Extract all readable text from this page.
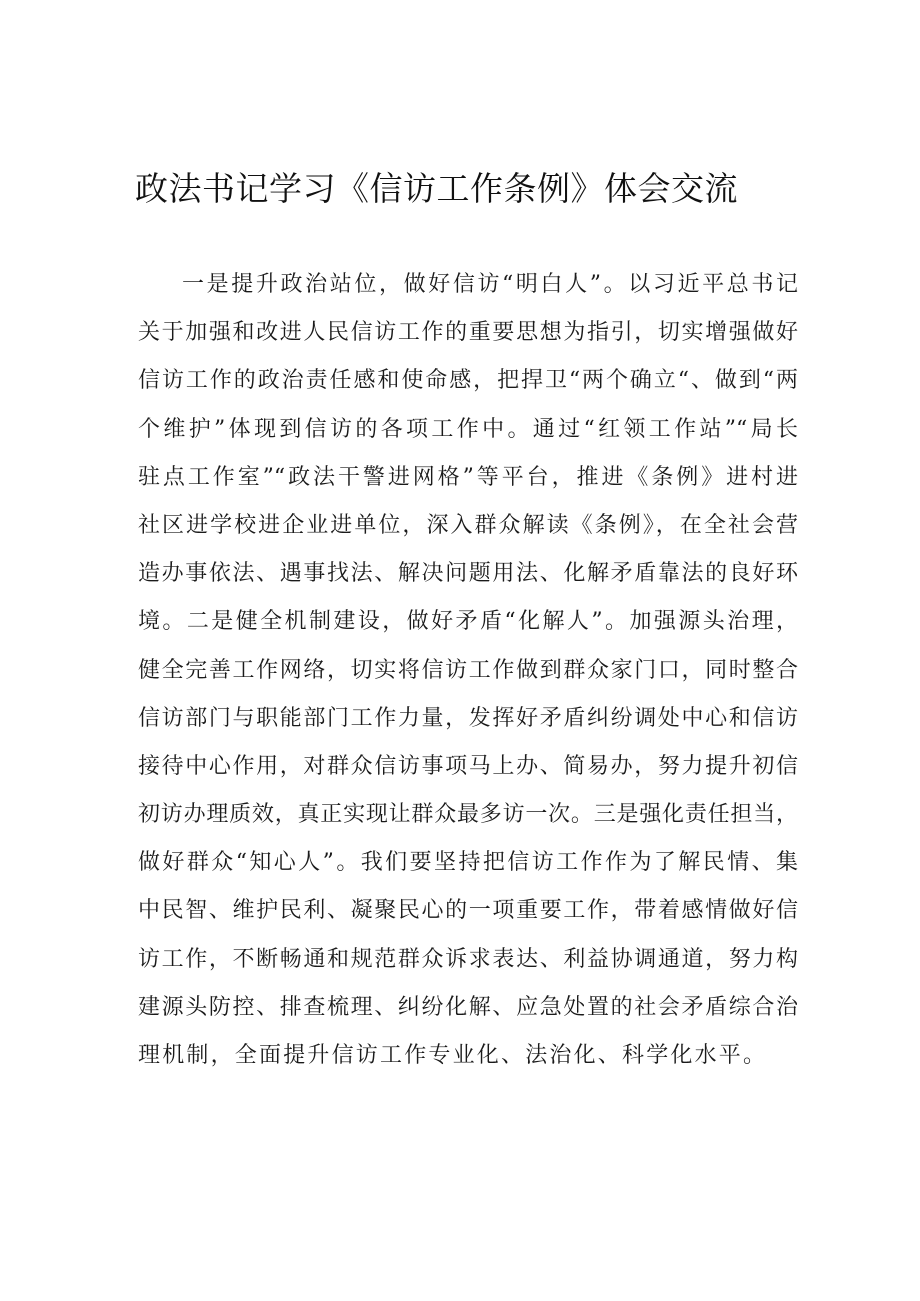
政法书记学习《信访工作条例》体会交流
一是提升政治站位，做好信访“明白人”。以习近平总书记
关于加强和改进人民信访工作的重要思想为指引，切实增强做好
信访工作的政治责任感和使命感，把捍卫“两个确立“、做到“两
个维护”体现到信访的各项工作中。通过“红领工作站”“局长
驻点工作室”“政法干警进网格”等平台，推进《条例》进村进
社区进学校进企业进单位，深入群众解读《条例》，在全社会营
造办事依法、遇事找法、解决问题用法、化解矛盾靠法的良好环
境。二是健全机制建设，做好矛盾“化解人”。加强源头治理，
健全完善工作网络，切实将信访工作做到群众家门口，同时整合
信访部门与职能部门工作力量，发挥好矛盾纠纷调处中心和信访
接待中心作用，对群众信访事项马上办、简易办，努力提升初信
初访办理质效，真正实现让群众最多访一次。三是强化责任担当，
做好群众“知心人”。我们要坚持把信访工作作为了解民情、集
中民智、维护民利、凝聚民心的一项重要工作，带着感情做好信
访工作，不断畅通和规范群众诉求表达、利益协调通道，努力构
建源头防控、排查梳理、纠纷化解、应急处置的社会矛盾综合治
理机制，全面提升信访工作专业化、法治化、科学化水平。
